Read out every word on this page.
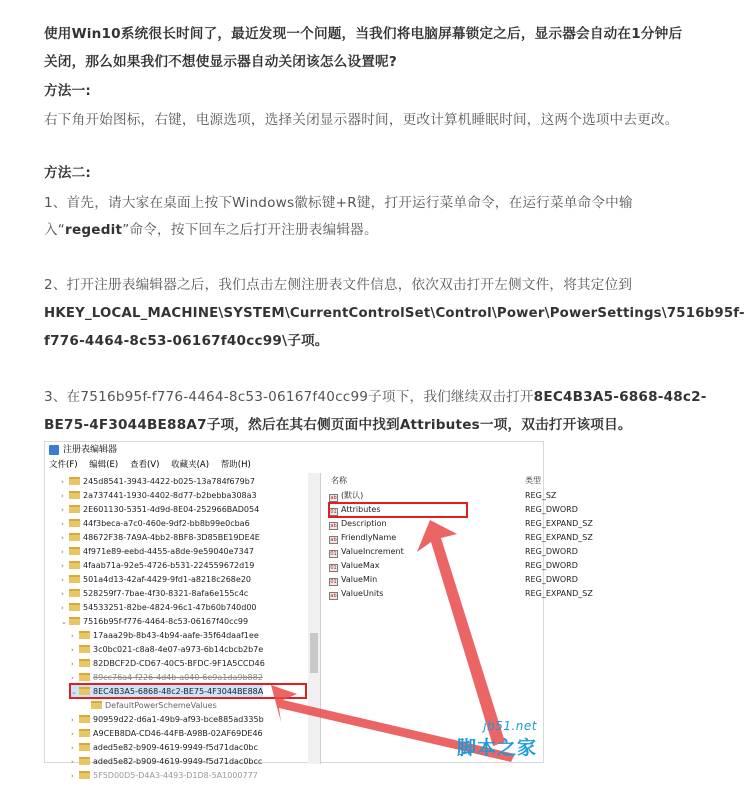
使用Win10系统很长时间了，最近发现一个问题，当我们将电脑屏幕锁定之后，显示器会自动在1分钟后
关闭，那么如果我们不想使显示器自动关闭该怎么设置呢?
方法一:
右下角开始图标，右键，电源选项，选择关闭显示器时间，更改计算机睡眠时间，这两个选项中去更改。
方法二:
1、首先，请大家在桌面上按下Windows徽标键+R键，打开运行菜单命令，在运行菜单命令中输
入“regedit”命令，按下回车之后打开注册表编辑器。
2、打开注册表编辑器之后，我们点击左侧注册表文件信息，依次双击打开左侧文件，将其定位到
HKEY_LOCAL_MACHINE\SYSTEM\CurrentControlSet\Control\Power\PowerSettings\7516b95f-
f776-4464-8c53-06167f40cc99\子项。
3、在7516b95f-f776-4464-8c53-06167f40cc99子项下，我们继续双击打开8EC4B3A5-6868-48c2-
BE75-4F3044BE88A7子项，然后在其右侧页面中找到Attributes一项，双击打开该项目。
注册表编辑器
文件(F) 编辑(E) 查看(V) 收藏夹(A) 帮助(H)
› 245d8541-3943-4422-b025-13a784f679b7
› 2a737441-1930-4402-8d77-b2bebba308a3
› 2E601130-5351-4d9d-8E04-252966BAD054
› 44f3beca-a7c0-460e-9df2-bb8b99e0cba6
› 48672F38-7A9A-4bb2-8BF8-3D85BE19DE4E
› 4f971e89-eebd-4455-a8de-9e59040e7347
› 4faab71a-92e5-4726-b531-224559672d19
› 501a4d13-42af-4429-9fd1-a8218c268e20
› 528259f7-7bae-4f30-8321-8afa6e155c4c
› 54533251-82be-4824-96c1-47b60b740d00
⌄ 7516b95f-f776-4464-8c53-06167f40cc99
› 17aaa29b-8b43-4b94-aafe-35f64daaf1ee
› 3c0bc021-c8a8-4e07-a973-6b14cbcb2b7e
› 82DBCF2D-CD67-40C5-BFDC-9F1A5CCD46
› 89cc76a4-f226-4d4b-a040-6e9a1da9b882
⌄ 8EC4B3A5-6868-48c2-BE75-4F3044BE88A
DefaultPowerSchemeValues
› 90959d22-d6a1-49b9-af93-bce885ad335b
› A9CEB8DA-CD46-44FB-A98B-02AF69DE46
› aded5e82-b909-4619-9949-f5d71dac0bc
› aded5e82-b909-4619-9949-f5d71dac0bcc
› 5F5D00D5-D4A3-4493-D1D8-5A1000777
名称	类型
ab (默认)	REG_SZ
01 Attributes	REG_DWORD
ab Description	REG_EXPAND_SZ
ab FriendlyName	REG_EXPAND_SZ
01 ValueIncrement	REG_DWORD
01 ValueMax	REG_DWORD
01 ValueMin	REG_DWORD
ab ValueUnits	REG_EXPAND_SZ
jb51.net
脚本之家
